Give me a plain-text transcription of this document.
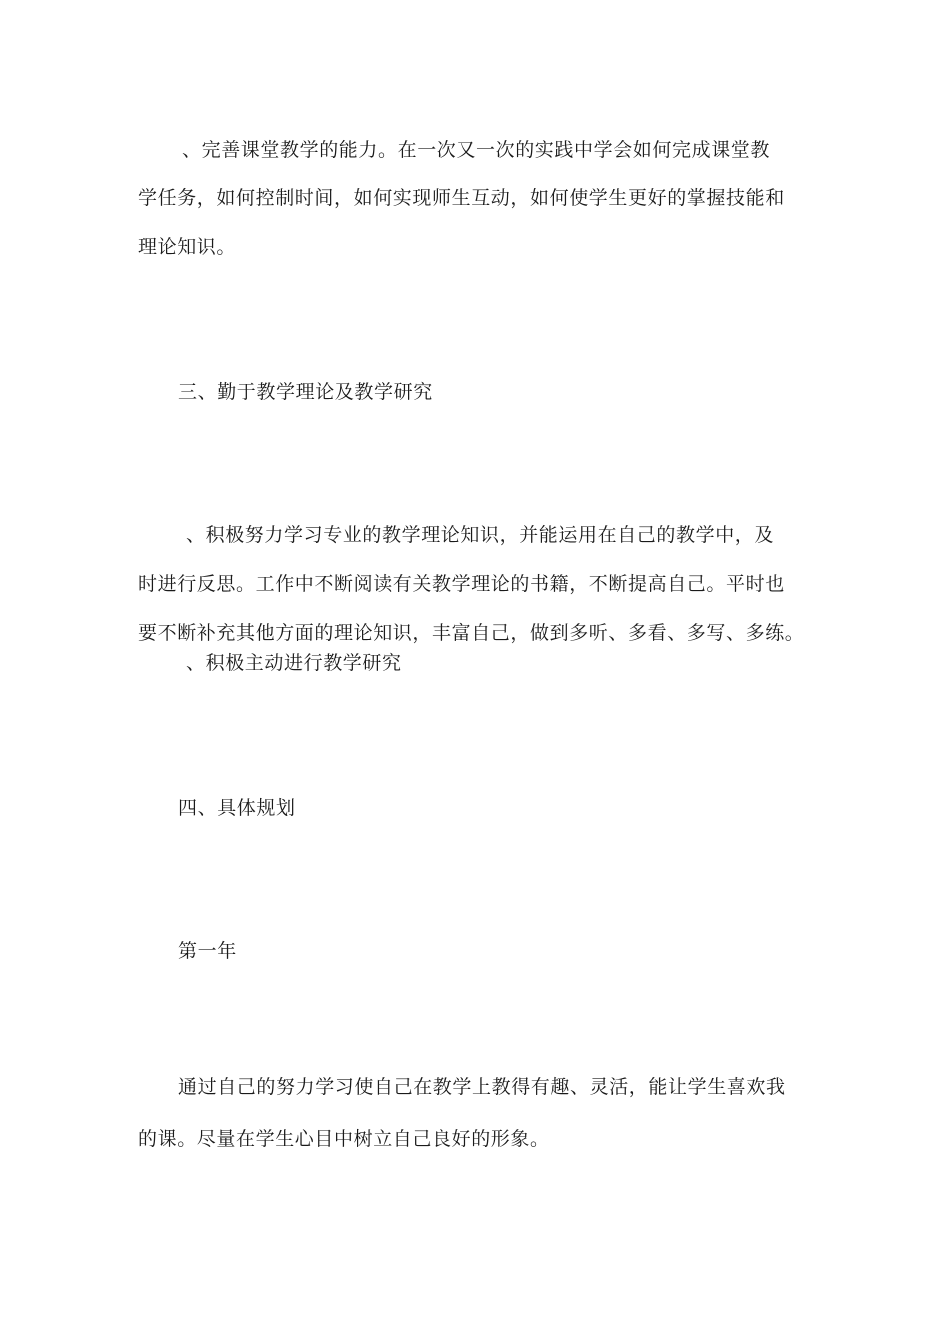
、完善课堂教学的能力。在一次又一次的实践中学会如何完成课堂教
学任务，如何控制时间，如何实现师生互动，如何使学生更好的掌握技能和
理论知识。
三、勤于教学理论及教学研究
、积极努力学习专业的教学理论知识，并能运用在自己的教学中，及
时进行反思。工作中不断阅读有关教学理论的书籍，不断提高自己。平时也
要不断补充其他方面的理论知识，丰富自己，做到多听、多看、多写、多练。
、积极主动进行教学研究
四、具体规划
第一年
通过自己的努力学习使自己在教学上教得有趣、灵活，能让学生喜欢我
的课。尽量在学生心目中树立自己良好的形象。
